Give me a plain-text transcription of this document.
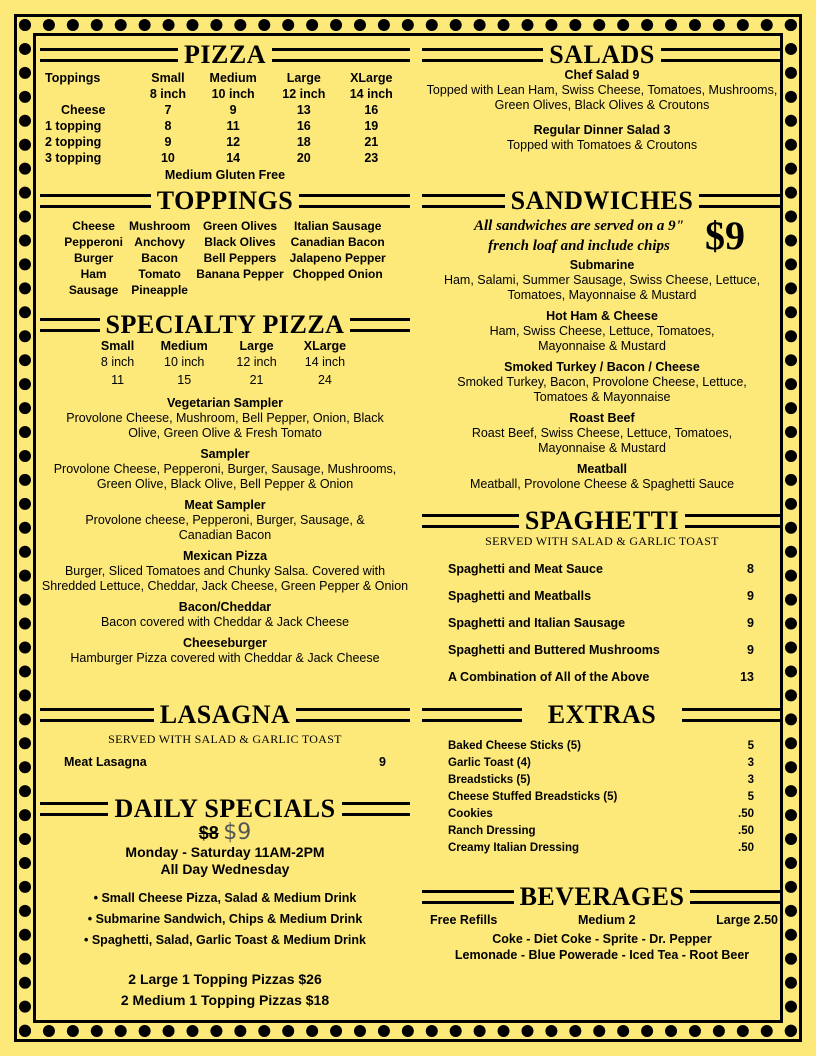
PIZZA
Toppings	Small	Medium	Large	XLarge
	8 inch	10 inch	12 inch	14 inch
Cheese	7	9	13	16
1 topping	8	11	16	19
2 topping	9	12	18	21
3 topping	10	14	20	23
Medium Gluten Free
TOPPINGS
Cheese	Mushroom	Green Olives	Italian Sausage
Pepperoni	Anchovy	Black Olives	Canadian Bacon
Burger	Bacon	Bell Peppers	Jalapeno Pepper
Ham	Tomato	Banana Pepper	Chopped Onion
Sausage	Pineapple		
SPECIALTY PIZZA
Small	Medium	Large	XLarge
8 inch	10 inch	12 inch	14 inch
11	15	21	24
Vegetarian Sampler
Provolone Cheese, Mushroom, Bell Pepper, Onion, Black Olive, Green Olive & Fresh Tomato
Sampler
Provolone Cheese, Pepperoni, Burger, Sausage, Mushrooms, Green Olive, Black Olive, Bell Pepper & Onion
Meat Sampler
Provolone cheese, Pepperoni, Burger, Sausage, & Canadian Bacon
Mexican Pizza
Burger, Sliced Tomatoes and Chunky Salsa. Covered with Shredded Lettuce, Cheddar, Jack Cheese, Green Pepper & Onion
Bacon/Cheddar
Bacon covered with Cheddar & Jack Cheese
Cheeseburger
Hamburger Pizza covered with Cheddar & Jack Cheese
LASAGNA
SERVED WITH SALAD & GARLIC TOAST
Meat Lasagna	9
DAILY SPECIALS
$8 $9
Monday - Saturday 11AM-2PM
All Day Wednesday
• Small Cheese Pizza, Salad & Medium Drink
• Submarine Sandwich, Chips & Medium Drink
• Spaghetti, Salad, Garlic Toast & Medium Drink
2 Large 1 Topping Pizzas $26
2 Medium 1 Topping Pizzas $18
SALADS
Chef Salad 9
Topped with Lean Ham, Swiss Cheese, Tomatoes, Mushrooms, Green Olives, Black Olives & Croutons
Regular Dinner Salad 3
Topped with Tomatoes & Croutons
SANDWICHES
All sandwiches are served on a 9" french loaf and include chips $9
Submarine
Ham, Salami, Summer Sausage, Swiss Cheese, Lettuce, Tomatoes, Mayonnaise & Mustard
Hot Ham & Cheese
Ham, Swiss Cheese, Lettuce, Tomatoes, Mayonnaise & Mustard
Smoked Turkey / Bacon / Cheese
Smoked Turkey, Bacon, Provolone Cheese, Lettuce, Tomatoes & Mayonnaise
Roast Beef
Roast Beef, Swiss Cheese, Lettuce, Tomatoes, Mayonnaise & Mustard
Meatball
Meatball, Provolone Cheese & Spaghetti Sauce
SPAGHETTI
SERVED WITH SALAD & GARLIC TOAST
Spaghetti and Meat Sauce	8
Spaghetti and Meatballs	9
Spaghetti and Italian Sausage	9
Spaghetti and Buttered Mushrooms	9
A Combination of All of the Above	13
EXTRAS
Baked Cheese Sticks (5)	5
Garlic Toast (4)	3
Breadsticks (5)	3
Cheese Stuffed Breadsticks (5)	5
Cookies	.50
Ranch Dressing	.50
Creamy Italian Dressing	.50
BEVERAGES
Free Refills	Medium 2	Large 2.50
Coke - Diet Coke - Sprite - Dr. Pepper
Lemonade - Blue Powerade - Iced Tea - Root Beer
